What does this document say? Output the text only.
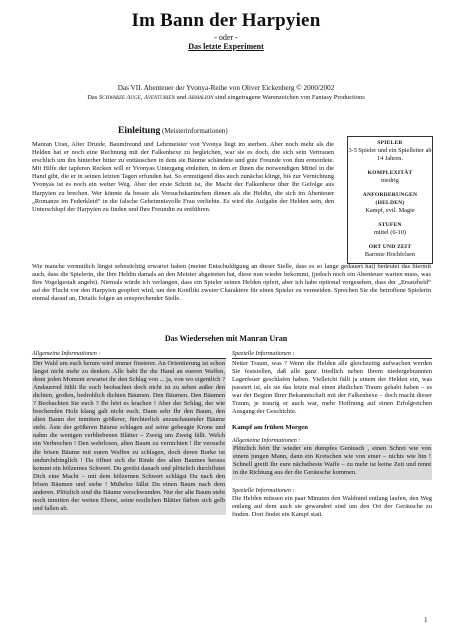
Im Bann der Harpyien
- oder -
Das letzte Experiment
Das VII. Abenteuer der Yvonya-Reihe von Oliver Eickenberg © 2000/2002
Das Schwarze Auge, Aventurien und Armalion sind eingetragene Warenzeichen von Fantasy Productions
Einleitung (Meisterinformationen)

Manran Uran, Alter Druide, Baumfreund und Lehrmeister von Yvonya liegt im sterben. Aber noch mehr als die Helden hat er noch eine Rechnung mit der Falkenhexe zu begleichen, war sie es doch, die sich sein Vertrauen erschlich um ihn hinterher bitter zu enttäuschen in dem sie Bäume schändete und gute Freunde von ihm ermordete. Mit Hilfe der tapferen Recken will er Yvonyas Untergang einleiten, in dem er Ihnen die notwendigen Mittel in die Hand gibt, die er in seinen letzten Tagen erfunden hat. So ermutigend dies auch zunächst klingt, bis zur Vernichtung Yvonyas ist es noch ein weiter Weg. Aber der erste Schritt ist, die Macht der Falkenhexe über Ihr Gefolge aus Harpyien zu brechen. Wer könnte da besser als Versuchskaninchen dienen als die Heldin, die sich im Abenteuer „Romanze im Federkleid“ in die falsche Geheimnisvolle Frau verliebte. Es wird die Aufgabe der Helden sein, den Unterschlupf der Harpyien zu finden und Ihre Freundin zu entführen.

SPIELER
3-5 Spieler und ein Spielleiter ab 14 Jahren.
KOMPLEXITÄT
niedrig
ANFORDERUNGEN (HELDEN)
Kampf, evtl. Magie
STUFEN
mittel (6-10)
ORT UND ZEIT
Baronie Hochfelsen
Wie manche vermutlich längst sehnsüchtig erwartet haben (meine Entschuldigung an dieser Stelle, dass es so lange gedauert hat) bedeutet das hiermit auch, dass die Spielerin, die Ihre Heldin damals an den Meister abgetreten hat, diese nun wieder bekommt, (jedoch noch ein Abenteuer warten muss, was Ihre Vogelgestalt angeht). Niemals würde ich verlangen, dass ein Spieler seinen Helden opfert, aber ich habe optional vorgesehen, dass der „Ersatzheld“ auf der Flucht vor den Harpyien geopfert wird, um den Konflikt zweier Charaktere für einen Spieler zu vermeiden. Sprechen Sie die betroffene Spielerin einmal darauf an, Details folgen an entsprechender Stelle.
Das Wiedersehen mit Manran Uran
Allgemeine Informationen :
Der Wald um euch herum wird immer finsterer. An Orientierung ist schon längst nicht mehr zu denken. Alle habt Ihr die Hand an eueren Waffen, denn jeden Moment erwartet ihr den Schlag von ... ja, von wo eigentlich ? Andauernd fühlt Ihr euch beobachtet doch nicht ist zu sehen außer den dichten, großen, bedrohlich dichten Bäumen. Den Bäumen. Den Bäumen ? Beobachten Sie euch ? Ihr hört es krachen ! Aber der Schlag, der wie brechenden Holz klang galt nicht euch. Dann sehr Ihr den Baum, den alten Baum der inmitten größerer, fürchterlich anzuschauender Bäume steht. Äste der größeren Bäume schlagen auf seine gebeugte Krone und nahm die wenigen verbliebenen Blätter – Zweig um Zweig fällt. Welch ein Verbrechen ! Den wehrlosen, alten Baum zu vernichten ! Ihr versucht die bösen Bäume mit euren Waffen zu schlagen, doch deren Borke ist undurchdringlich ! Da öffnet sich die Rinde des alten Baumes heraus kommt ein hölzernes Schwert. Du greifst danach und plötzlich durchflutet Dich eine Macht – mit dem hölzernen Schwert schlägst Du nach den bösen Bäumen und siehe ! Mühelos fällst Du einen Baum nach dem anderen. Plötzlich sind die Bäume verschwunden. Nur der alte Baum steht noch inmitten der weiten Ebene, seine restlichen Blätter färben sich gelb und fallen ab.
Spezielle Informationen :
Netter Traum, was ? Wenn die Helden alle gleichzeitig aufwachen werden Sie feststellen, daß alle ganz friedlich neben Ihrem niedergebrannten Lagerfeuer geschlafen haben. Vielleicht fällt ja einem der Helden ein, was passiert ist, als sie das letzte mal einen ähnlichen Traum gehabt haben – es war der Beginn Ihrer Bekanntschaft mit der Falkenhexe – doch macht dieser Traum, je traurig er auch war, mehr Hoffnung auf einen Erfolgreichen Ausgang der Geschichte.
Kampf am frühen Morgen
Allgemeine Informationen :
Plötzlich hört Ihr wieder ein dumpfes Geräusch , einen Schrei wie von einem jungen Mann, dann ein Kreischen wie von einer – nichts wie hin ! Schnell greift Ihr eure nächstbeste Waffe – zu mehr ist keine Zeit und rennt in die Richtung aus der die Geräusche kommen.
Spezielle Informationen :
Die Helden müssen ein paar Minuten den Waldrand entlang laufen, den Weg entlang auf dem auch sie gewandert sind um den Ort der Geräusche zu finden. Dort findet ein Kampf statt.
1
